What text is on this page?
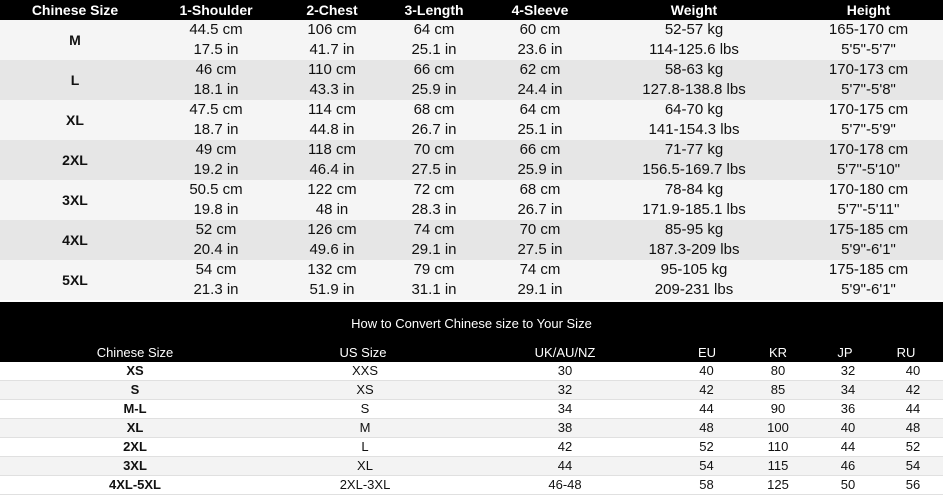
Chinese Size	1-Shoulder	2-Chest	3-Length	4-Sleeve	Weight	Height
M	44.5 cm	106 cm	64 cm	60 cm	52-57 kg	165-170 cm
	17.5 in	41.7 in	25.1 in	23.6 in	114-125.6 lbs	5'5"-5'7"
L	46 cm	110 cm	66 cm	62 cm	58-63 kg	170-173 cm
	18.1 in	43.3 in	25.9 in	24.4 in	127.8-138.8 lbs	5'7"-5'8"
XL	47.5 cm	114 cm	68 cm	64 cm	64-70 kg	170-175 cm
	18.7 in	44.8 in	26.7 in	25.1 in	141-154.3 lbs	5'7"-5'9"
2XL	49 cm	118 cm	70 cm	66 cm	71-77 kg	170-178 cm
	19.2 in	46.4 in	27.5 in	25.9 in	156.5-169.7 lbs	5'7"-5'10"
3XL	50.5 cm	122 cm	72 cm	68 cm	78-84 kg	170-180 cm
	19.8 in	48 in	28.3 in	26.7 in	171.9-185.1 lbs	5'7"-5'11"
4XL	52 cm	126 cm	74 cm	70 cm	85-95 kg	175-185 cm
	20.4 in	49.6 in	29.1 in	27.5 in	187.3-209 lbs	5'9"-6'1"
5XL	54 cm	132 cm	79 cm	74 cm	95-105 kg	175-185 cm
	21.3 in	51.9 in	31.1 in	29.1 in	209-231 lbs	5'9"-6'1"
How to Convert Chinese size to Your Size
Chinese Size	US Size	UK/AU/NZ	EU	KR	JP	RU
XS	XXS	30	40	80	32	40
S	XS	32	42	85	34	42
M-L	S	34	44	90	36	44
XL	M	38	48	100	40	48
2XL	L	42	52	110	44	52
3XL	XL	44	54	115	46	54
4XL-5XL	2XL-3XL	46-48	58	125	50	56
